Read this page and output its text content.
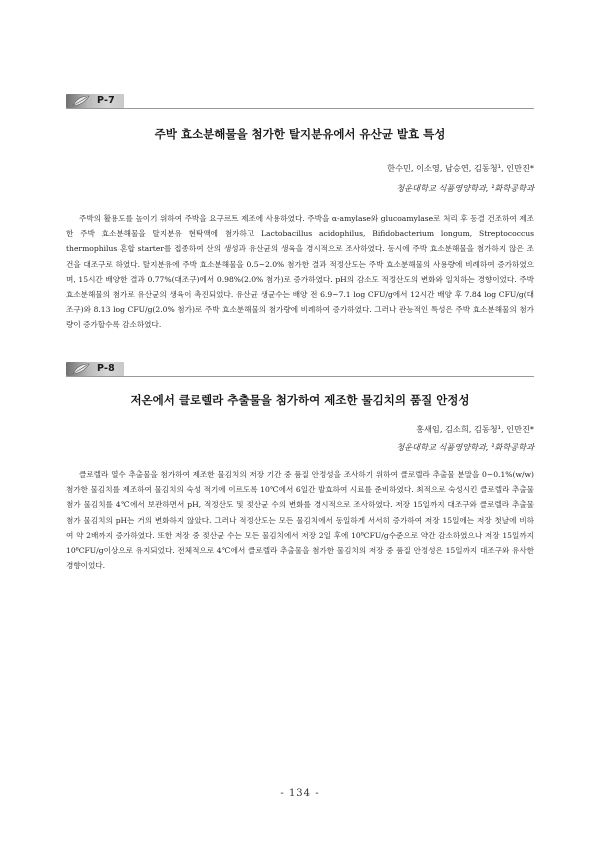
P-7
주박 효소분해물을 첨가한 탈지분유에서 유산균 발효 특성
한수민, 이소영, 남승연, 김동청¹, 인만진*
청운대학교 식품영양학과, ¹화학공학과

주박의 활용도를 높이기 위하여 주박을 요구르트 제조에 사용하였다. 주박을 α-amylase와 glucoamylase로 처리 후 동결 건조하여 제조한 주박 효소분해물을 탈지분유 현탁액에 첨가하고 Lactobacillus acidophilus, Bifidobacterium longum, Streptococcus thermophilus 혼합 starter를 접종하여 산의 생성과 유산균의 생육을 경시적으로 조사하였다. 동시에 주박 효소분해물을 첨가하지 않은 조건을 대조구로 하였다. 탈지분유에 주박 효소분해물을 0.5~2.0% 첨가한 결과 적정산도는 주박 효소분해물의 사용량에 비례하여 증가하였으며, 15시간 배양한 결과 0.77%(대조구)에서 0.98%(2.0% 첨가)로 증가하였다. pH의 감소도 적정산도의 변화와 일치하는 경향이었다. 주박 효소분해물의 첨가로 유산균의 생육이 촉진되었다. 유산균 생균수는 배양 전 6.9~7.1 log CFU/g에서 12시간 배양 후 7.84 log CFU/g(대조구)와 8.13 log CFU/g(2.0% 첨가)로 주박 효소분해물의 첨가량에 비례하여 증가하였다. 그러나 관능적인 특성은 주박 효소분해물의 첨가량이 증가할수록 감소하였다.

P-8
저온에서 클로렐라 추출물을 첨가하여 제조한 물김치의 품질 안정성
홍새임, 김소희, 김동청¹, 인만진*
청운대학교 식품영양학과, ¹화학공학과

클로렐라 열수 추출물을 첨가하여 제조한 물김치의 저장 기간 중 품질 안정성을 조사하기 위하여 클로렐라 추출물 분말을 0~0.1%(w/w) 첨가한 물김치를 제조하여 물김치의 숙성 적기에 이르도록 10℃에서 6일간 발효하여 시료를 준비하였다. 최적으로 숙성시킨 클로렐라 추출물 첨가 물김치를 4℃에서 보관하면서 pH, 적정산도 및 젖산균 수의 변화를 경시적으로 조사하였다. 저장 15일까지 대조구와 클로렐라 추출물 첨가 물김치의 pH는 거의 변화하지 않았다. 그러나 적정산도는 모든 물김치에서 동일하게 서서히 증가하여 저장 15일에는 저장 첫날에 비하여 약 2배까지 증가하였다. 또한 저장 중 젖산균 수는 모든 물김치에서 저장 2일 후에 10⁸CFU/g수준으로 약간 감소하였으나 저장 15일까지 10⁸CFU/g이상으로 유지되었다. 전체적으로 4℃에서 클로렐라 추출물을 첨가한 물김치의 저장 중 품질 안정성은 15일까지 대조구와 유사한 경향이었다.

- 134 -
